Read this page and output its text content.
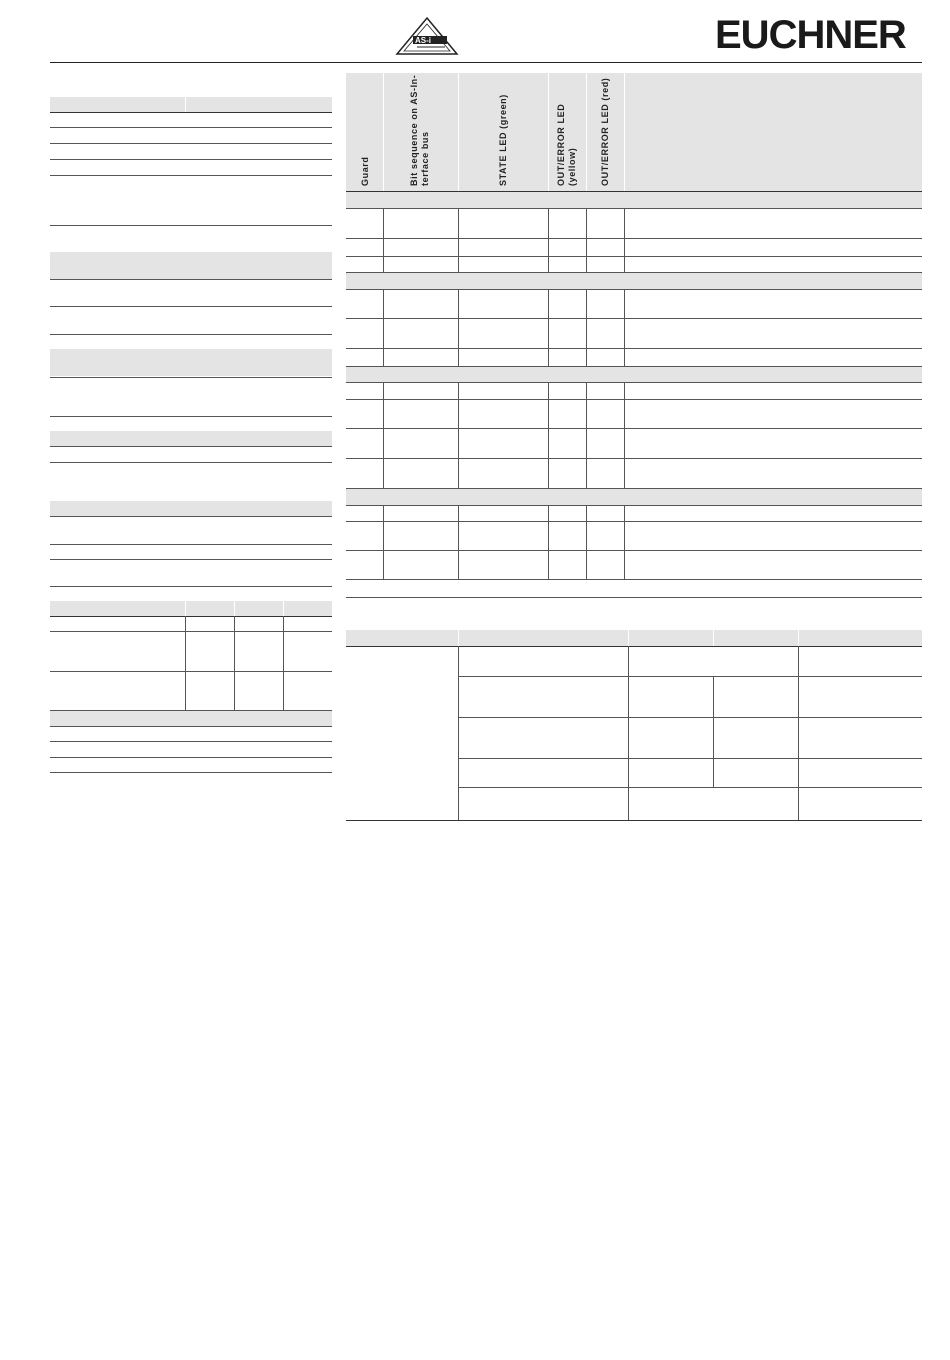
AS-i	EUCHNER
Guard	Bit sequence on AS-In- terface bus	STATE LED (green)	OUT/ERROR LED (yellow)	OUT/ERROR LED (red)
